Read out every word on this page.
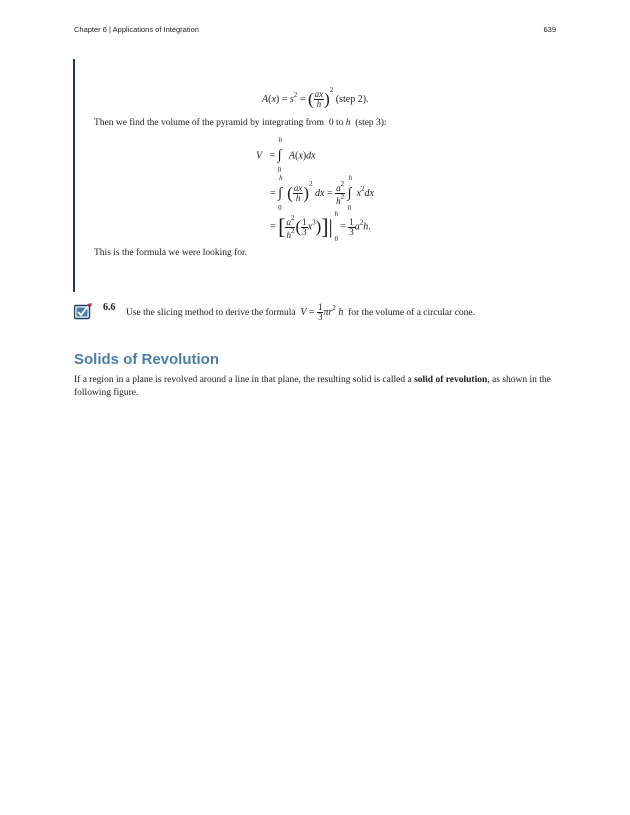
Chapter 6 | Applications of Integration	639
$A(x) = s^2$ = ( $\frac{ax}{h} )^2$ (step 2).
Then we find the volume of the pyramid by integrating from 0 to h (step 3):
V   = ∫
h
0
A(x)dx
= ∫
h
0
( $\frac{ax}{h} )^2$ dx = $\frac{a^2}{h^2}$ ∫
h
0
$x^2dx$
= [ $\frac{a^2}{h^2}$ ( $\frac{1}{3} x^3)]|$
h
0
= $\frac{1}{3} a^2h$.
This is the formula we were looking for.
6.6 Use the slicing method to derive the formula $V = \frac{1}{3} \pi r^2$ h for the volume of a circular cone.
Solids of Revolution
If a region in a plane is revolved around a line in that plane, the resulting solid is called a solid of revolution, as shown in the following figure.
